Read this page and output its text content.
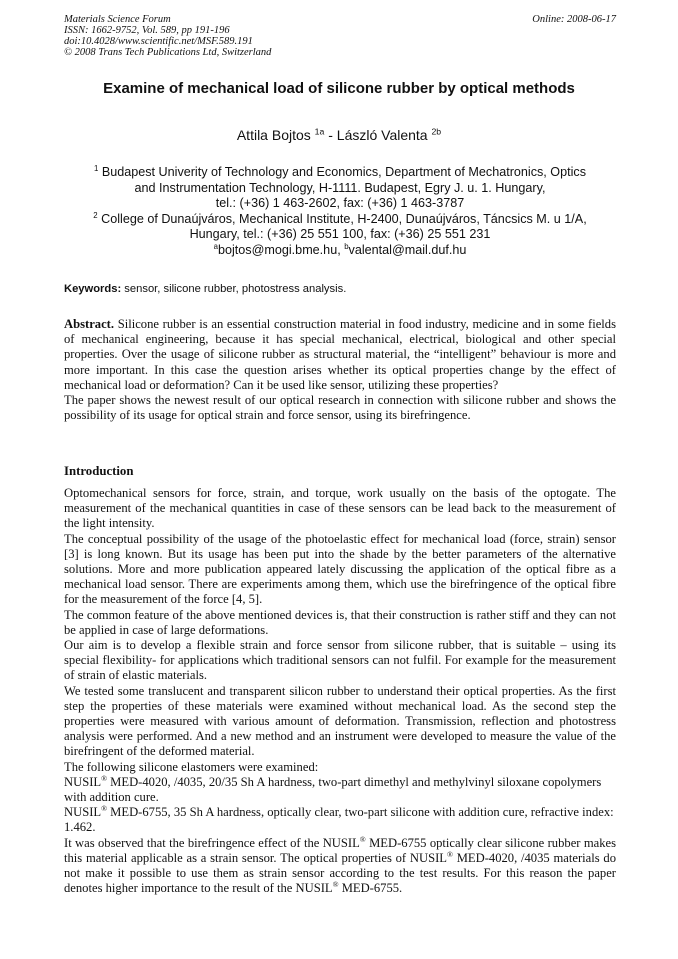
Materials Science Forum
ISSN: 1662-9752, Vol. 589, pp 191-196
doi:10.4028/www.scientific.net/MSF.589.191
© 2008 Trans Tech Publications Ltd, Switzerland
Online: 2008-06-17
Examine of mechanical load of silicone rubber by optical methods
Attila Bojtos $^{1a}$ - László Valenta $^{2b}$
$^1$ Budapest Univerity of Technology and Economics, Department of Mechatronics, Optics
and Instrumentation Technology, H-1111. Budapest, Egry J. u. 1. Hungary,
tel.: (+36) 1 463-2602, fax: (+36) 1 463-3787
$^2$ College of Dunaújváros, Mechanical Institute, H-2400, Dunaújváros, Táncsics M. u 1/A,
Hungary, tel.: (+36) 25 551 100, fax: (+36) 25 551 231
$^a$bojtos@mogi.bme.hu, $^b$valental@mail.duf.hu
Keywords: sensor, silicone rubber, photostress analysis.

Abstract. Silicone rubber is an essential construction material in food industry, medicine and in some fields of mechanical engineering, because it has special mechanical, electrical, biological and other special properties. Over the usage of silicone rubber as structural material, the “intelligent” behaviour is more and more important. In this case the question arises whether its optical properties change by the effect of mechanical load or deformation? Can it be used like sensor, utilizing these properties?

The paper shows the newest result of our optical research in connection with silicone rubber and shows the possibility of its usage for optical strain and force sensor, using its birefringence.

Introduction

Optomechanical sensors for force, strain, and torque, work usually on the basis of the optogate. The measurement of the mechanical quantities in case of these sensors can be lead back to the measurement of the light intensity.

The conceptual possibility of the usage of the photoelastic effect for mechanical load (force, strain) sensor [3] is long known. But its usage has been put into the shade by the better parameters of the alternative solutions. More and more publication appeared lately discussing the application of the optical fibre as a mechanical load sensor. There are experiments among them, which use the birefringence of the optical fibre for the measurement of the force [4, 5].

The common feature of the above mentioned devices is, that their construction is rather stiff and they can not be applied in case of large deformations.

Our aim is to develop a flexible strain and force sensor from silicone rubber, that is suitable – using its special flexibility- for applications which traditional sensors can not fulfil. For example for the measurement of strain of elastic materials.

We tested some translucent and transparent silicon rubber to understand their optical properties. As the first step the properties of these materials were examined without mechanical load. As the second step the properties were measured with various amount of deformation. Transmission, reflection and photostress analysis were performed. And a new method and an instrument were developed to measure the value of the birefringent of the deformed material.

The following silicone elastomers were examined:

NUSIL® MED-4020, /4035, 20/35 Sh A hardness, two-part dimethyl and methylvinyl siloxane copolymers with addition cure.

NUSIL® MED-6755, 35 Sh A hardness, optically clear, two-part silicone with addition cure, refractive index: 1.462.

It was observed that the birefringence effect of the NUSIL® MED-6755 optically clear silicone rubber makes this material applicable as a strain sensor. The optical properties of NUSIL® MED-4020, /4035 materials do not make it possible to use them as strain sensor according to the test results. For this reason the paper denotes higher importance to the result of the NUSIL® MED-6755.
